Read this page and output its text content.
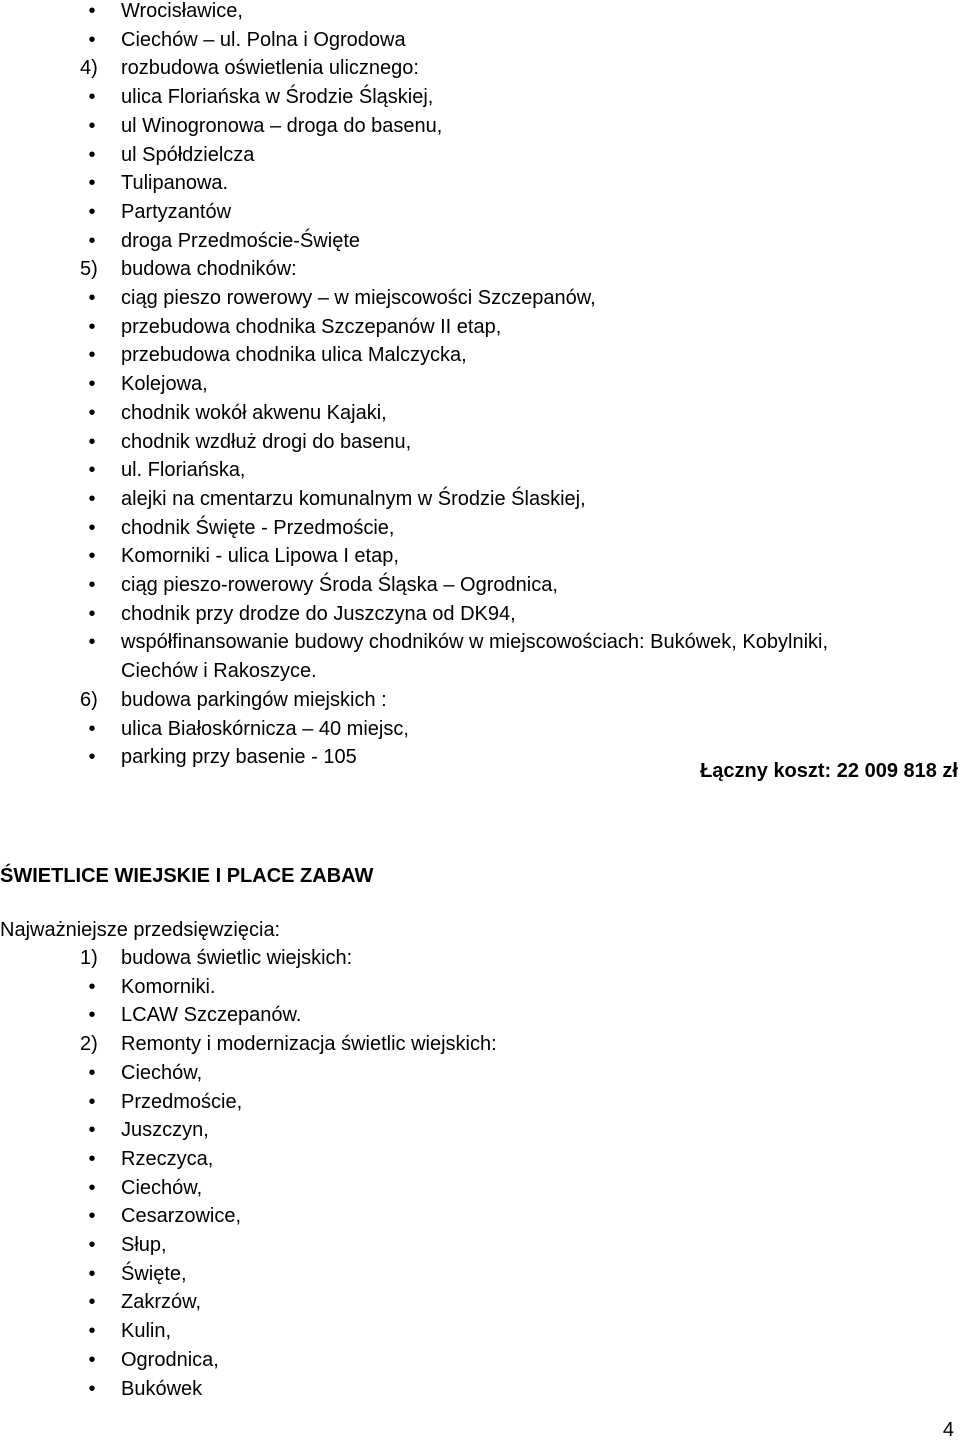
•	Wrocisławice,
•	Ciechów – ul. Polna i Ogrodowa
4) rozbudowa oświetlenia ulicznego:
•	ulica Floriańska w Środzie Śląskiej,
•	ul Winogronowa – droga do basenu,
•	ul Spółdzielcza
•	Tulipanowa.
•	Partyzantów
•	droga Przedmoście-Święte
5) budowa chodników:
•	ciąg pieszo rowerowy – w miejscowości Szczepanów,
•	przebudowa chodnika Szczepanów II etap,
•	przebudowa chodnika ulica Malczycka,
•	Kolejowa,
•	chodnik wokół akwenu Kajaki,
•	chodnik wzdłuż drogi do basenu,
•	ul. Floriańska,
•	alejki na cmentarzu komunalnym w Środzie Ślaskiej,
•	chodnik Święte - Przedmoście,
•	Komorniki - ulica Lipowa I etap,
•	ciąg pieszo-rowerowy Środa Śląska – Ogrodnica,
•	chodnik przy drodze do Juszczyna od DK94,
•	współfinansowanie budowy chodników w miejscowościach: Bukówek, Kobylniki,
Ciechów i Rakoszyce.
6) budowa parkingów miejskich :
•	ulica Białoskórnicza – 40 miejsc,
•	parking przy basenie - 105
Łączny koszt: 22 009 818 zł
ŚWIETLICE WIEJSKIE I PLACE ZABAW
Najważniejsze przedsięwzięcia:
1) budowa świetlic wiejskich:
•	Komorniki.
•	LCAW Szczepanów.
2) Remonty i modernizacja świetlic wiejskich:
•	Ciechów,
•	Przedmoście,
•	Juszczyn,
•	Rzeczyca,
•	Ciechów,
•	Cesarzowice,
•	Słup,
•	Święte,
•	Zakrzów,
•	Kulin,
•	Ogrodnica,
•	Bukówek
4
